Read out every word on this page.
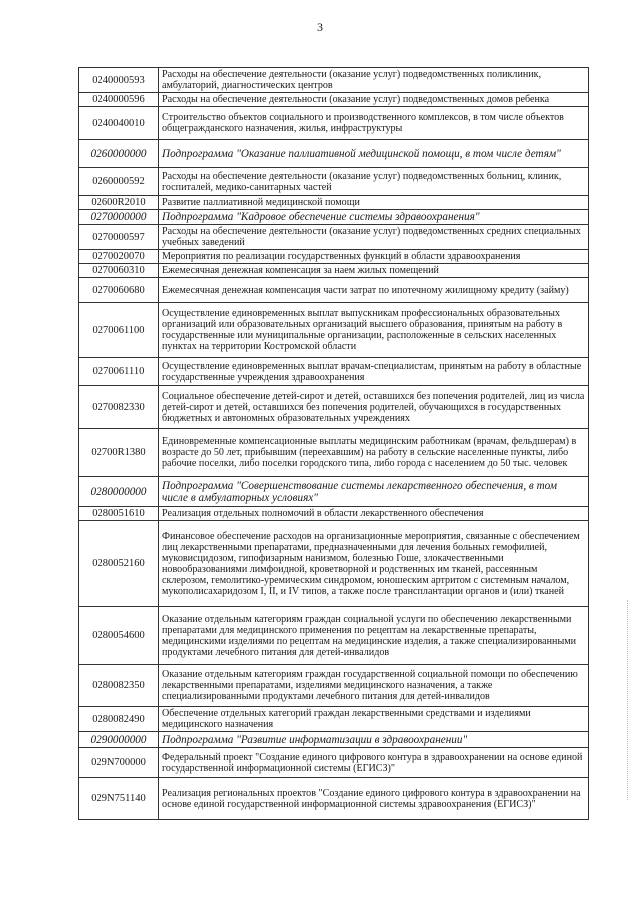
3
0240000593	Расходы на обеспечение деятельности (оказание услуг) подведомственных поликлиник, амбулаторий, диагностических центров
0240000596	Расходы на обеспечение деятельности (оказание услуг) подведомственных домов ребенка
0240040010	Строительство объектов социального и производственного комплексов, в том числе объектов общегражданского назначения, жилья, инфраструктуры
0260000000	Подпрограмма "Оказание паллиативной медицинской помощи, в том числе детям"
0260000592	Расходы на обеспечение деятельности (оказание услуг) подведомственных больниц, клиник, госпиталей, медико-санитарных частей
02600R2010	Развитие паллиативной медицинской помощи
0270000000	Подпрограмма "Кадровое обеспечение системы здравоохранения"
0270000597	Расходы на обеспечение деятельности (оказание услуг) подведомственных средних специальных учебных заведений
0270020070	Мероприятия по реализации государственных функций в области здравоохранения
0270060310	Ежемесячная денежная компенсация за наем жилых помещений
0270060680	Ежемесячная денежная компенсация части затрат по ипотечному жилищному кредиту (займу)
0270061100	Осуществление единовременных выплат выпускникам профессиональных образовательных организаций или образовательных организаций высшего образования, принятым на работу в государственные или муниципальные организации, расположенные в сельских населенных пунктах на территории Костромской области
0270061110	Осуществление единовременных выплат врачам-специалистам, принятым на работу в областные государственные учреждения здравоохранения
0270082330	Социальное обеспечение детей-сирот и детей, оставшихся без попечения родителей, лиц из числа детей-сирот и детей, оставшихся без попечения родителей, обучающихся в государственных бюджетных и автономных образовательных учреждениях
02700R1380	Единовременные компенсационные выплаты медицинским работникам (врачам, фельдшерам) в возрасте до 50 лет, прибывшим (переехавшим) на работу в сельские населенные пункты, либо рабочие поселки, либо поселки городского типа, либо города с населением до 50 тыс. человек
0280000000	Подпрограмма "Совершенствование системы лекарственного обеспечения, в том числе в амбулаторных условиях"
0280051610	Реализация отдельных полномочий в области лекарственного обеспечения
0280052160	Финансовое обеспечение расходов на организационные мероприятия, связанные с обеспечением лиц лекарственными препаратами, предназначенными для лечения больных гемофилией, муковисцидозом, гипофизарным нанизмом, болезнью Гоше, злокачественными новообразованиями лимфоидной, кроветворной и родственных им тканей, рассеянным склерозом, гемолитико-уремическим синдромом, юношеским артритом с системным началом, мукополисахаридозом I, II, и IV типов, а также после трансплантации органов и (или) тканей
0280054600	Оказание отдельным категориям граждан социальной услуги по обеспечению лекарственными препаратами для медицинского применения по рецептам на лекарственные препараты, медицинскими изделиями по рецептам на медицинские изделия, а также специализированными продуктами лечебного питания для детей-инвалидов
0280082350	Оказание отдельным категориям граждан государственной социальной помощи по обеспечению лекарственными препаратами, изделиями медицинского назначения, а также специализированными продуктами лечебного питания для детей-инвалидов
0280082490	Обеспечение отдельных категорий граждан лекарственными средствами и изделиями медицинского назначения
0290000000	Подпрограмма "Развитие информатизации в здравоохранении"
029N700000	Федеральный проект "Создание единого цифрового контура в здравоохранении на основе единой государственной информационной системы (ЕГИСЗ)"
029N751140	Реализация региональных проектов "Создание единого цифрового контура в здравоохранении на основе единой государственной информационной системы здравоохранения (ЕГИСЗ)"
